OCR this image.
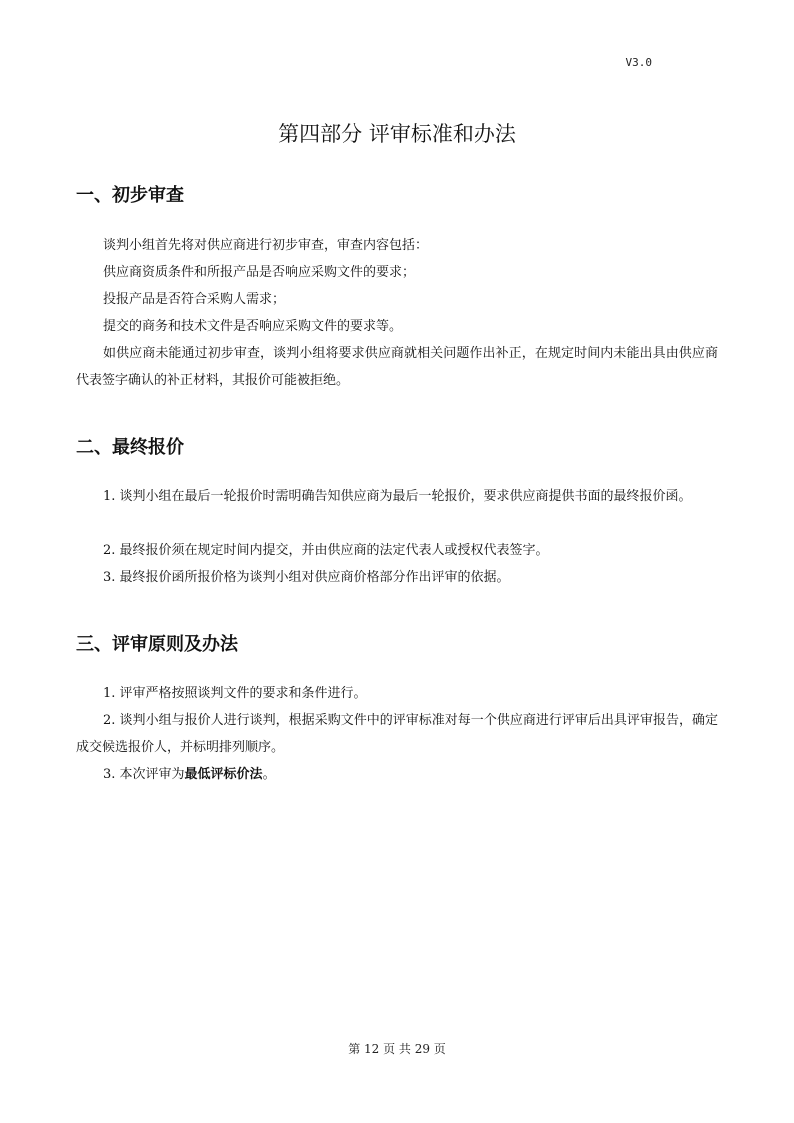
V3.0
第四部分 评审标准和办法
一、初步审查

谈判小组首先将对供应商进行初步审查，审查内容包括：

供应商资质条件和所报产品是否响应采购文件的要求；

投报产品是否符合采购人需求；

提交的商务和技术文件是否响应采购文件的要求等。

如供应商未能通过初步审查，谈判小组将要求供应商就相关问题作出补正，在规定时间内未能出具由供应商代表签字确认的补正材料，其报价可能被拒绝。

二、最终报价

1. 谈判小组在最后一轮报价时需明确告知供应商为最后一轮报价，要求供应商提供书面的最终报价函。

2. 最终报价须在规定时间内提交，并由供应商的法定代表人或授权代表签字。

3. 最终报价函所报价格为谈判小组对供应商价格部分作出评审的依据。

三、评审原则及办法

1. 评审严格按照谈判文件的要求和条件进行。

2. 谈判小组与报价人进行谈判，根据采购文件中的评审标准对每一个供应商进行评审后出具评审报告，确定成交候选报价人，并标明排列顺序。

3. 本次评审为最低评标价法。

第 12 页 共 29 页
